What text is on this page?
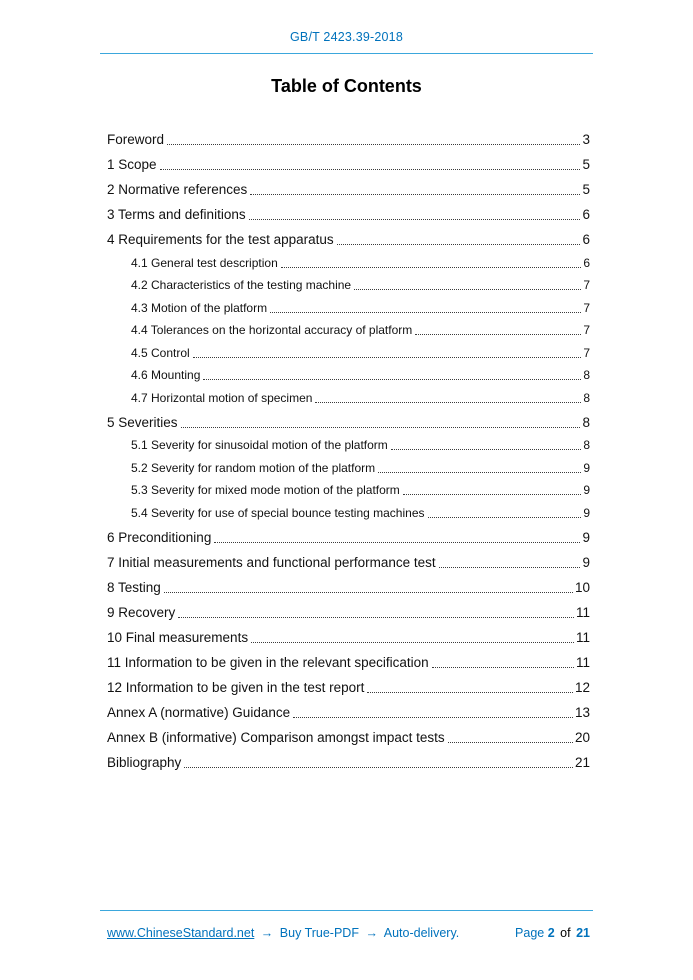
GB/T 2423.39-2018
Table of Contents
Foreword	3
1 Scope	5
2 Normative references	5
3 Terms and definitions	6
4 Requirements for the test apparatus	6
4.1 General test description	6
4.2 Characteristics of the testing machine	7
4.3 Motion of the platform	7
4.4 Tolerances on the horizontal accuracy of platform	7
4.5 Control	7
4.6 Mounting	8
4.7 Horizontal motion of specimen	8
5 Severities	8
5.1 Severity for sinusoidal motion of the platform	8
5.2 Severity for random motion of the platform	9
5.3 Severity for mixed mode motion of the platform	9
5.4 Severity for use of special bounce testing machines	9
6 Preconditioning	9
7 Initial measurements and functional performance test	9
8 Testing	10
9 Recovery	11
10 Final measurements	11
11 Information to be given in the relevant specification	11
12 Information to be given in the test report	12
Annex A (normative) Guidance	13
Annex B (informative) Comparison amongst impact tests	20
Bibliography	21
www.ChineseStandard.net → Buy True-PDF → Auto-delivery.	Page 2 of 21
